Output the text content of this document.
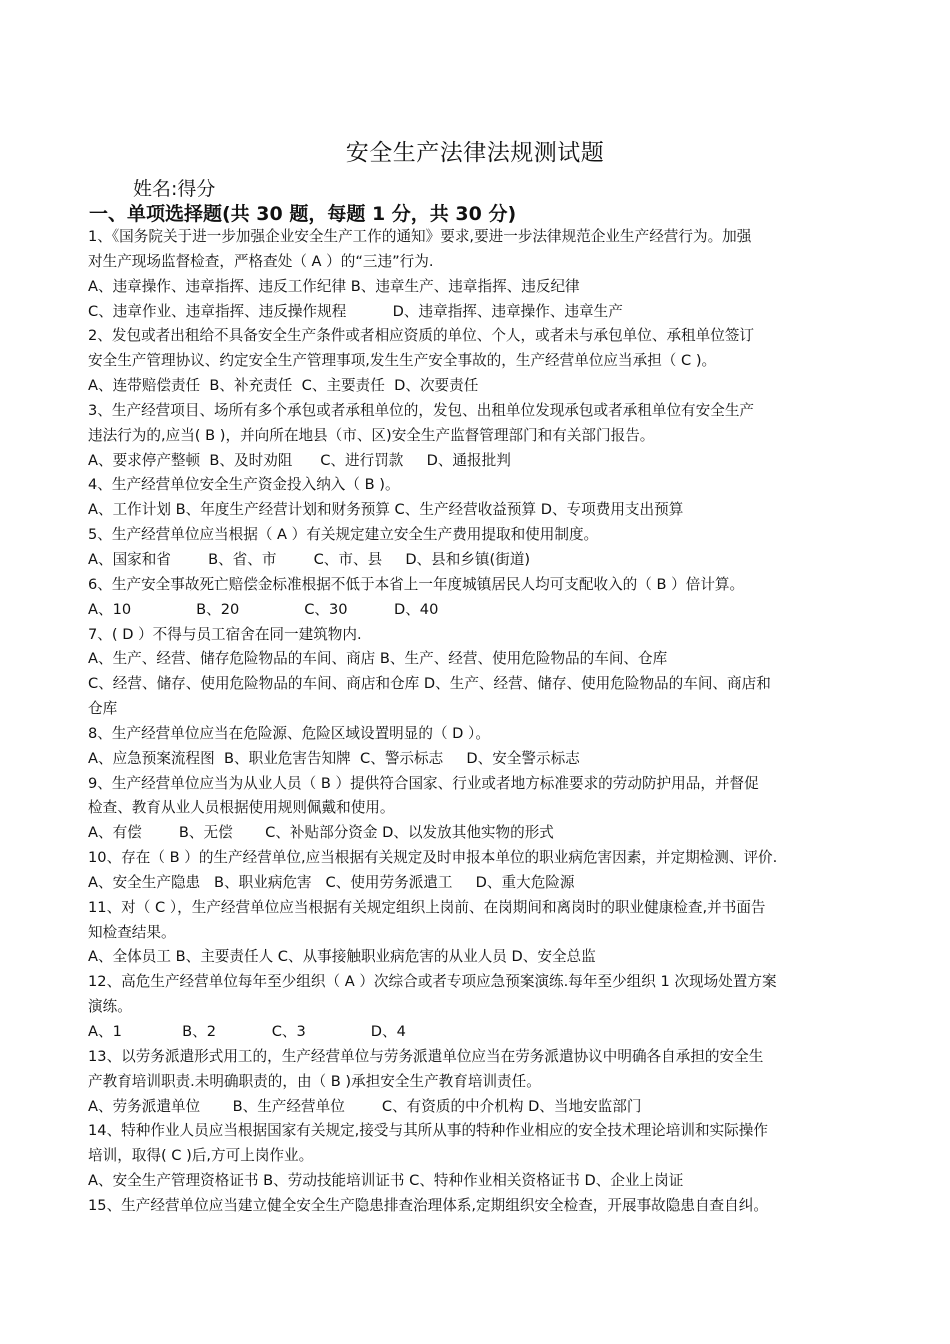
安全生产法律法规测试题
姓名:得分
一、单项选择题(共 30 题，每题 1 分，共 30 分)
1、《国务院关于进一步加强企业安全生产工作的通知》要求,要进一步法律规范企业生产经营行为。加强
对生产现场监督检查，严格查处（ A ）的“三违”行为.
A、违章操作、违章指挥、违反工作纪律 B、违章生产、违章指挥、违反纪律
C、违章作业、违章指挥、违反操作规程          D、违章指挥、违章操作、违章生产
2、发包或者出租给不具备安全生产条件或者相应资质的单位、个人，或者未与承包单位、承租单位签订
安全生产管理协议、约定安全生产管理事项,发生生产安全事故的，生产经营单位应当承担（ C )。
A、连带赔偿责任  B、补充责任  C、主要责任  D、次要责任
3、生产经营项目、场所有多个承包或者承租单位的，发包、出租单位发现承包或者承租单位有安全生产
违法行为的,应当( B )，并向所在地县（市、区)安全生产监督管理部门和有关部门报告。
A、要求停产整顿  B、及时劝阻      C、进行罚款     D、通报批判
4、生产经营单位安全生产资金投入纳入（ B )。
A、工作计划 B、年度生产经营计划和财务预算 C、生产经营收益预算 D、专项费用支出预算
5、生产经营单位应当根据（ A ）有关规定建立安全生产费用提取和使用制度。
A、国家和省        B、省、市        C、市、县     D、县和乡镇(街道)
6、生产安全事故死亡赔偿金标准根据不低于本省上一年度城镇居民人均可支配收入的（ B ）倍计算。
A、10              B、20              C、30          D、40
7、( D ）不得与员工宿舍在同一建筑物内.
A、生产、经营、储存危险物品的车间、商店 B、生产、经营、使用危险物品的车间、仓库
C、经营、储存、使用危险物品的车间、商店和仓库 D、生产、经营、储存、使用危险物品的车间、商店和
仓库
8、生产经营单位应当在危险源、危险区域设置明显的（ D ）。
A、应急预案流程图  B、职业危害告知牌  C、警示标志     D、安全警示标志
9、生产经营单位应当为从业人员（ B ）提供符合国家、行业或者地方标准要求的劳动防护用品，并督促
检查、教育从业人员根据使用规则佩戴和使用。
A、有偿        B、无偿       C、补贴部分资金 D、以发放其他实物的形式
10、存在（ B ）的生产经营单位,应当根据有关规定及时申报本单位的职业病危害因素，并定期检测、评价.
A、安全生产隐患   B、职业病危害   C、使用劳务派遣工     D、重大危险源
11、对（ C ），生产经营单位应当根据有关规定组织上岗前、在岗期间和离岗时的职业健康检查,并书面告
知检查结果。
A、全体员工 B、主要责任人 C、从事接触职业病危害的从业人员 D、安全总监
12、高危生产经营单位每年至少组织（ A ）次综合或者专项应急预案演练.每年至少组织 1 次现场处置方案
演练。
A、1             B、2            C、3              D、4
13、以劳务派遣形式用工的，生产经营单位与劳务派遣单位应当在劳务派遣协议中明确各自承担的安全生
产教育培训职责.未明确职责的，由（ B )承担安全生产教育培训责任。
A、劳务派遣单位       B、生产经营单位        C、有资质的中介机构 D、当地安监部门
14、特种作业人员应当根据国家有关规定,接受与其所从事的特种作业相应的安全技术理论培训和实际操作
培训，取得( C )后,方可上岗作业。
A、安全生产管理资格证书 B、劳动技能培训证书 C、特种作业相关资格证书 D、企业上岗证
15、生产经营单位应当建立健全安全生产隐患排查治理体系,定期组织安全检查，开展事故隐患自查自纠。
